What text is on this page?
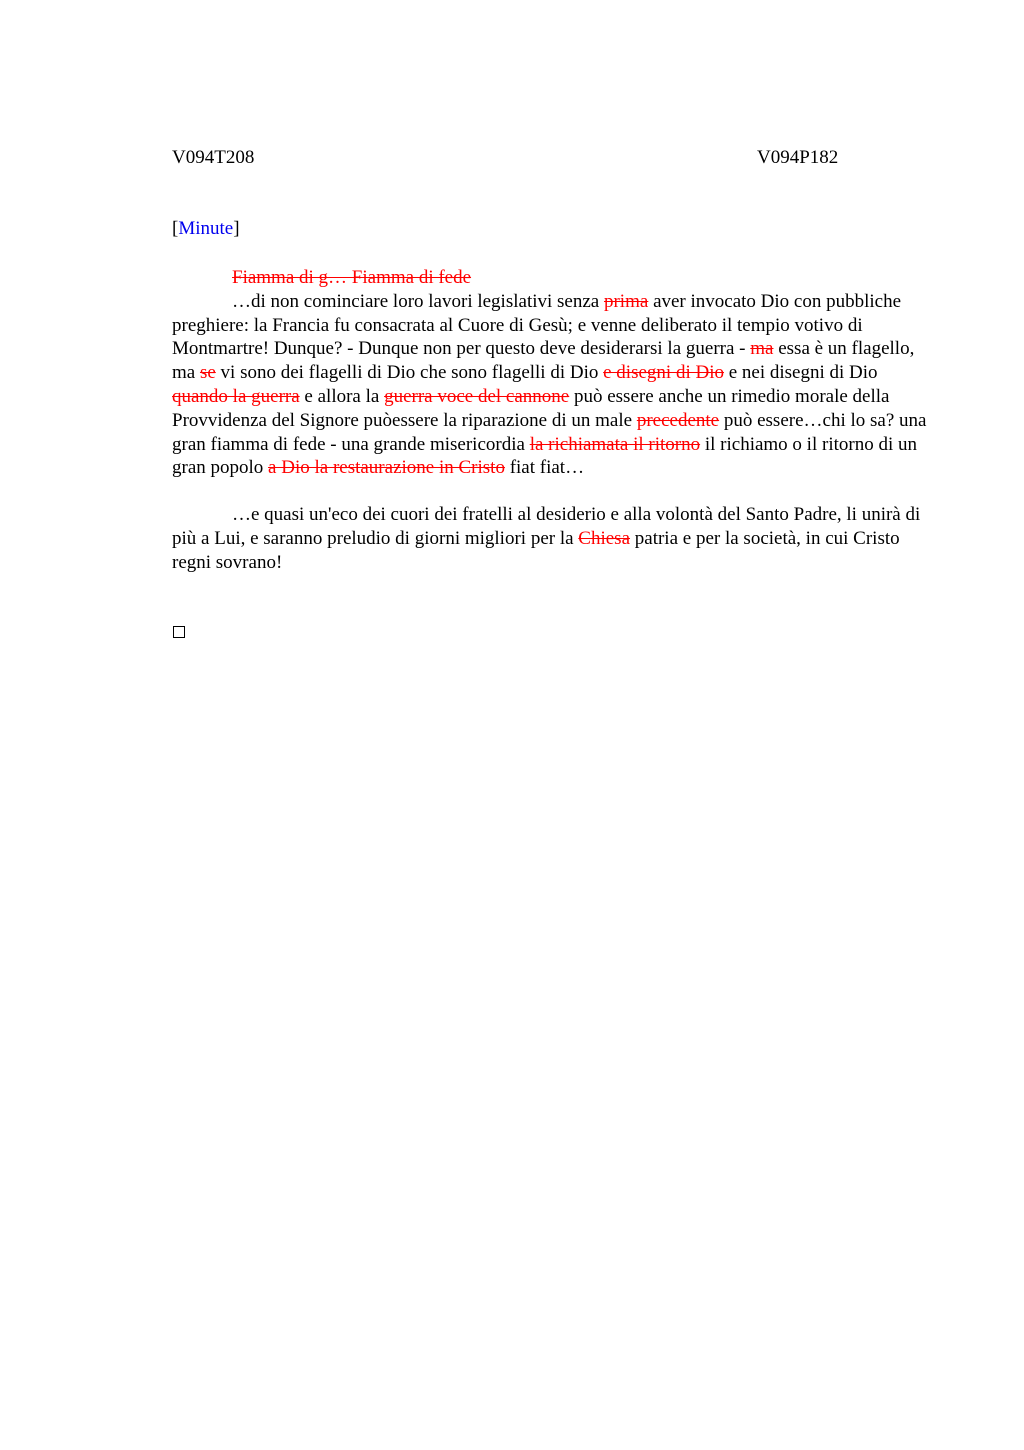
V094T208	V094P182
[Minute]
Fiamma di g… Fiamma di fede

…di non cominciare loro lavori legislativi senza prima aver invocato Dio con pubbliche preghiere: la Francia fu consacrata al Cuore di Gesù; e venne deliberato il tempio votivo di Montmartre! Dunque? - Dunque non per questo deve desiderarsi la guerra - ma essa è un flagello, ma se vi sono dei flagelli di Dio che sono flagelli di Dio e disegni di Dio e nei disegni di Dio quando la guerra e allora la guerra voce del cannone può essere anche un rimedio morale della Provvidenza del Signore puòessere la riparazione di un male precedente può essere…chi lo sa? una gran fiamma di fede - una grande misericordia la richiamata il ritorno il richiamo o il ritorno di un gran popolo a Dio la restaurazione in Cristo fiat fiat…

…e quasi un'eco dei cuori dei fratelli al desiderio e alla volontà del Santo Padre, li unirà di più a Lui, e saranno preludio di giorni migliori per la Chiesa patria e per la società, in cui Cristo regni sovrano!
